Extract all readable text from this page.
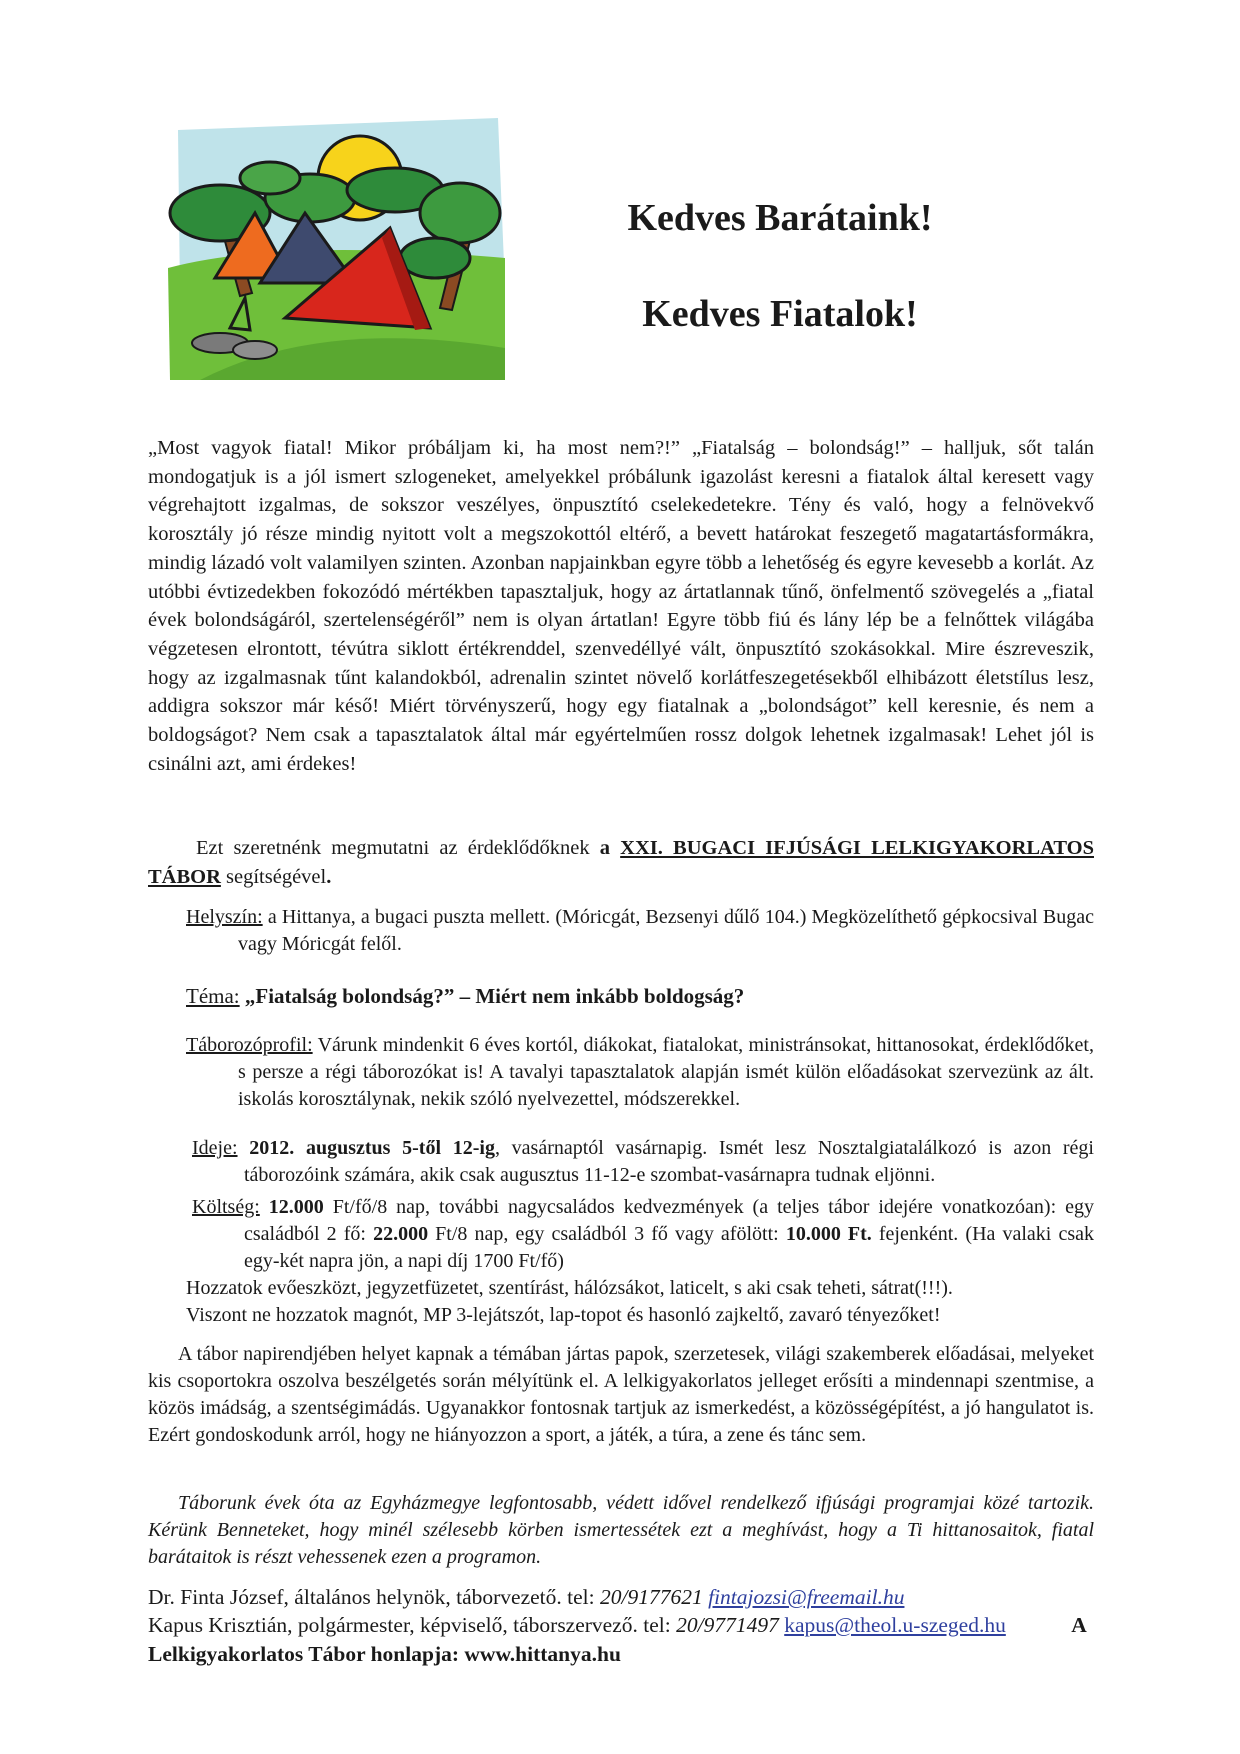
Kedves Barátaink!
Kedves Fiatalok!
„Most vagyok fiatal! Mikor próbáljam ki, ha most nem?!” „Fiatalság – bolondság!” – halljuk, sőt talán mondogatjuk is a jól ismert szlogeneket, amelyekkel próbálunk igazolást keresni a fiatalok által keresett vagy végrehajtott izgalmas, de sokszor veszélyes, önpusztító cselekedetekre. Tény és való, hogy a felnövekvő korosztály jó része mindig nyitott volt a megszokottól eltérő, a bevett határokat feszegető magatartásformákra, mindig lázadó volt valamilyen szinten. Azonban napjainkban egyre több a lehetőség és egyre kevesebb a korlát. Az utóbbi évtizedekben fokozódó mértékben tapasztaljuk, hogy az ártatlannak tűnő, önfelmentő szövegelés a „fiatal évek bolondságáról, szertelenségéről” nem is olyan ártatlan! Egyre több fiú és lány lép be a felnőttek világába végzetesen elrontott, tévútra siklott értékrenddel, szenvedéllyé vált, önpusztító szokásokkal. Mire észreveszik, hogy az izgalmasnak tűnt kalandokból, adrenalin szintet növelő korlátfeszegetésekből elhibázott életstílus lesz, addigra sokszor már késő! Miért törvényszerű, hogy egy fiatalnak a „bolondságot” kell keresnie, és nem a boldogságot? Nem csak a tapasztalatok által már egyértelműen rossz dolgok lehetnek izgalmasak! Lehet jól is csinálni azt, ami érdekes!
Ezt szeretnénk megmutatni az érdeklődőknek a XXI. BUGACI IFJÚSÁGI LELKIGYAKORLATOS TÁBOR segítségével.
Helyszín: a Hittanya, a bugaci puszta mellett. (Móricgát, Bezsenyi dűlő 104.) Megközelíthető gépkocsival Bugac vagy Móricgát felől.
Téma: „Fiatalság bolondság?” – Miért nem inkább boldogság?
Táborozóprofil: Várunk mindenkit 6 éves kortól, diákokat, fiatalokat, ministránsokat, hittanosokat, érdeklődőket, s persze a régi táborozókat is! A tavalyi tapasztalatok alapján ismét külön előadásokat szervezünk az ált. iskolás korosztálynak, nekik szóló nyelvezettel, módszerekkel.
Ideje: 2012. augusztus 5-től 12-ig, vasárnaptól vasárnapig. Ismét lesz Nosztalgiatalálkozó is azon régi táborozóink számára, akik csak augusztus 11-12-e szombat-vasárnapra tudnak eljönni.
Költség: 12.000 Ft/fő/8 nap, további nagycsaládos kedvezmények (a teljes tábor idejére vonatkozóan): egy családból 2 fő: 22.000 Ft/8 nap, egy családból 3 fő vagy afölött: 10.000 Ft. fejenként. (Ha valaki csak egy-két napra jön, a napi díj 1700 Ft/fő)
Hozzatok evőeszközt, jegyzetfüzetet, szentírást, hálózsákot, laticelt, s aki csak teheti, sátrat(!!!).
Viszont ne hozzatok magnót, MP 3-lejátszót, lap-topot és hasonló zajkeltő, zavaró tényezőket!
A tábor napirendjében helyet kapnak a témában jártas papok, szerzetesek, világi szakemberek előadásai, melyeket kis csoportokra oszolva beszélgetés során mélyítünk el. A lelkigyakorlatos jelleget erősíti a mindennapi szentmise, a közös imádság, a szentségimádás. Ugyanakkor fontosnak tartjuk az ismerkedést, a közösségépítést, a jó hangulatot is. Ezért gondoskodunk arról, hogy ne hiányozzon a sport, a játék, a túra, a zene és tánc sem.
Táborunk évek óta az Egyházmegye legfontosabb, védett idővel rendelkező ifjúsági programjai közé tartozik. Kérünk Benneteket, hogy minél szélesebb körben ismertessétek ezt a meghívást, hogy a Ti hittanosaitok, fiatal barátaitok is részt vehessenek ezen a programon.
Dr. Finta József, általános helynök, táborvezető. tel: 20/9177621 fintajozsi@freemail.hu
Kapus Krisztián, polgármester, képviselő, táborszervező. tel: 20/9771497 kapus@theol.u-szeged.hu	A Lelkigyakorlatos Tábor honlapja: www.hittanya.hu
